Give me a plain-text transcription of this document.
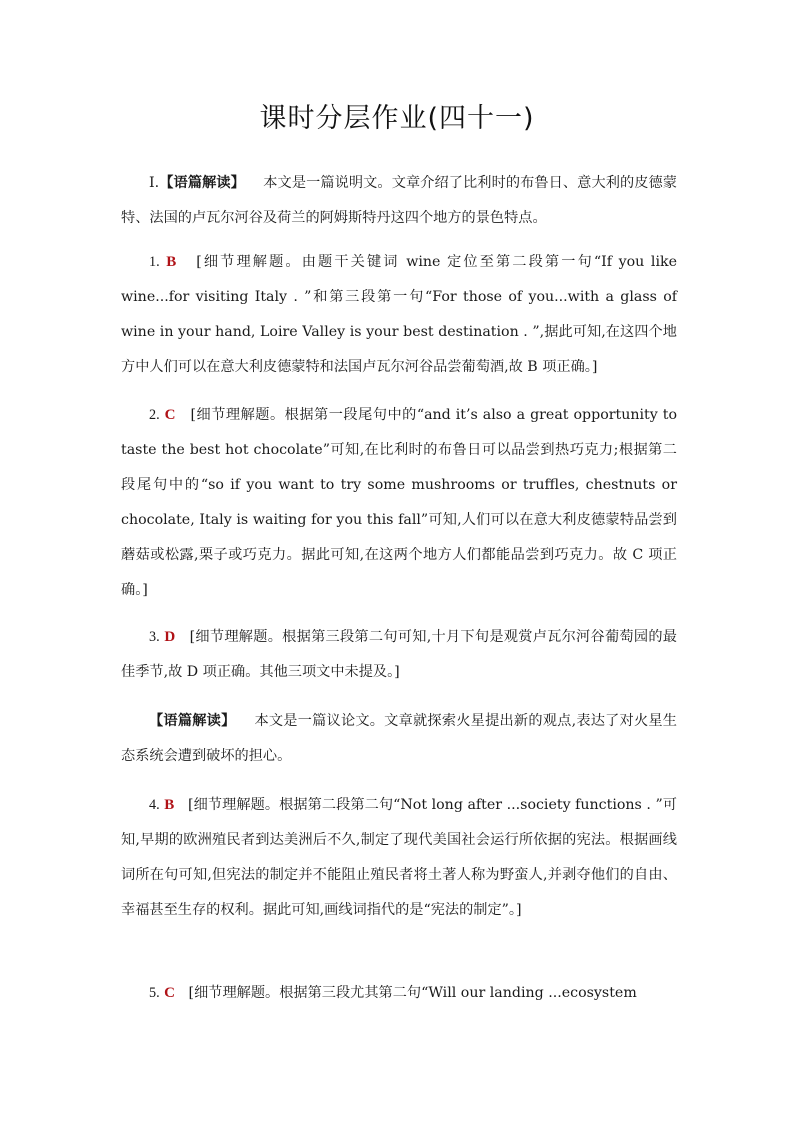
课时分层作业(四十一)
Ⅰ.【语篇解读】 本文是一篇说明文。文章介绍了比利时的布鲁日、意大利的皮德蒙特、法国的卢瓦尔河谷及荷兰的阿姆斯特丹这四个地方的景色特点。
1. B [细节理解题。由题干关键词 wine 定位至第二段第一句“If you like wine...for visiting Italy . ”和第三段第一句“For those of you...with a glass of wine in your hand, Loire Valley is your best destination . ”,据此可知,在这四个地方中人们可以在意大利皮德蒙特和法国卢瓦尔河谷品尝葡萄酒,故 B 项正确。]
2. C [细节理解题。根据第一段尾句中的“and it’s also a great opportunity to taste the best hot chocolate”可知,在比利时的布鲁日可以品尝到热巧克力;根据第二段尾句中的“so if you want to try some mushrooms or truffles, chestnuts or chocolate, Italy is waiting for you this fall”可知,人们可以在意大利皮德蒙特品尝到蘑菇或松露,栗子或巧克力。据此可知,在这两个地方人们都能品尝到巧克力。故 C 项正确。]
3. D [细节理解题。根据第三段第二句可知,十月下旬是观赏卢瓦尔河谷葡萄园的最佳季节,故 D 项正确。其他三项文中未提及。]
【语篇解读】 本文是一篇议论文。文章就探索火星提出新的观点,表达了对火星生态系统会遭到破坏的担心。
4. B [细节理解题。根据第二段第二句“Not long after ...society functions . ”可知,早期的欧洲殖民者到达美洲后不久,制定了现代美国社会运行所依据的宪法。根据画线词所在句可知,但宪法的制定并不能阻止殖民者将土著人称为野蛮人,并剥夺他们的自由、幸福甚至生存的权利。据此可知,画线词指代的是“宪法的制定”。]
5. C [细节理解题。根据第三段尤其第二句“Will our landing ...ecosystem
